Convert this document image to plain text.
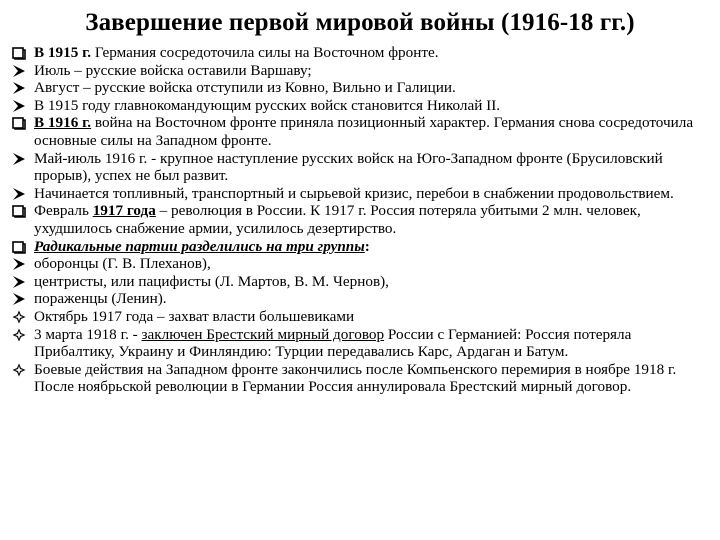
Завершение первой мировой войны (1916-18 гг.)
В 1915 г. Германия сосредоточила силы на Восточном фронте.
Июль – русские войска оставили Варшаву;
Август – русские войска отступили из Ковно, Вильно и Галиции.
В 1915 году главнокомандующим русских войск становится Николай II.
В 1916 г. война на Восточном фронте приняла позиционный характер. Германия снова сосредоточила основные силы на Западном фронте.
Май-июль 1916 г. - крупное наступление русских войск на Юго-Западном фронте (Брусиловский прорыв), успех не был развит.
Начинается топливный, транспортный и сырьевой кризис, перебои в снабжении продовольствием.
Февраль 1917 года – революция в России. К 1917 г. Россия потеряла убитыми 2 млн. человек, ухудшилось снабжение армии, усилилось дезертирство.
Радикальные партии разделились на три группы:
оборонцы (Г. В. Плеханов),
центристы, или пацифисты (Л. Мартов, В. М. Чернов),
пораженцы (Ленин).
Октябрь 1917 года – захват власти большевиками
3 марта 1918 г. - заключен Брестский мирный договор России с Германией: Россия потеряла Прибалтику, Украину и Финляндию: Турции передавались Карс, Ардаган и Батум.
Боевые действия на Западном фронте закончились после Компьенского перемирия в ноябре 1918 г. После ноябрьской революции в Германии Россия аннулировала Брестский мирный договор.
